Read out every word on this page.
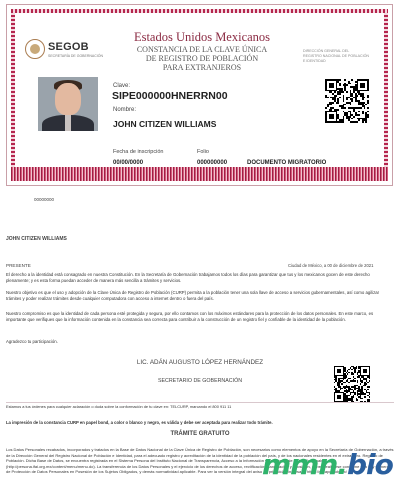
SEGOB
SECRETARÍA DE GOBERNACIÓN
Estados Unidos Mexicanos
CONSTANCIA DE LA CLAVE ÚNICA
DE REGISTRO DE POBLACIÓN
PARA EXTRANJEROS
DIRECCIÓN GENERAL DEL
REGISTRO NACIONAL DE POBLACIÓN
E IDENTIDAD
Clave:
SIPE000000HNERRN00
Nombre:
JOHN CITIZEN WILLIAMS
Fecha de inscripción	Folio
00/00/0000	000000000	DOCUMENTO MIGRATORIO
00000000
JOHN CITIZEN WILLIAMS
PRESENTE	Ciudad de México, a 00 de diciembre de 2021
El derecho a la identidad está consagrado en nuestra Constitución. En la Secretaría de Gobernación trabajamos todos los días para garantizar que tus y los mexicanos gocen de este derecho plenamente; y es esta forma puedan acceder de manera más sencilla a trámites y servicios.
Nuestro objetivo es que el uso y adopción de la Clave Única de Registro de Población (CURP) permita a la población tener una sola llave de acceso a servicios gubernamentales, así como agilizar trámites y poder realizar trámites desde cualquier computadora con acceso a internet dentro o fuera del país.
Nuestro compromiso es que la identidad de cada persona esté protegida y segura, por ello contamos con los máximos estándares para la protección de los datos personales. En este marco, es importante que verifiques que la información contenida en la constancia sea correcta para contribuir a la construcción de un registro fiel y confiable de la identidad de la población.
Agradezco tu participación.
LIC. ADÁN AUGUSTO LÓPEZ HERNÁNDEZ
SECRETARIO DE GOBERNACIÓN
Estamos a tus órdenes para cualquier aclaración o duda sobre la conformación de tu clave en: TELCURP, marcando el 800 911 11
La impresión de la constancia CURP en papel bond, a color o blanco y negro, es válida y debe ser aceptada para realizar todo trámite.
TRÁMITE GRATUITO
Los Datos Personales recabados, incorporados y tratados en la Base de Datos Nacional de la Clave Única de Registro de Población, son necesarios como elementos de apoyo en la Secretaría de Gobernación, a través de la Dirección General del Registro Nacional de Población e Identidad, para el adecuado registro y acreditación de la identidad de la población del país, y de los nacionales residentes en el extranjero. Registro de Población. Dicha Base de Datos, se encuentra registrada en el Sistema Persona del Instituto Nacional de Transparencia, Acceso a la Información y Protección de Datos Personales (http://persona.ifai.org.mx/content/menu/menu.do). La transferencia de los Datos Personales y el ejercicio de los derechos de acceso, rectificación, cancelación y oposición, deben realizarse conforme a la Ley General de Protección de Datos Personales en Posesión de los Sujetos Obligados, y demás normatividad aplicable. Para ver la versión integral del aviso de privacidad ingresar a https://renapo.gob.mx/
mmn.bio
